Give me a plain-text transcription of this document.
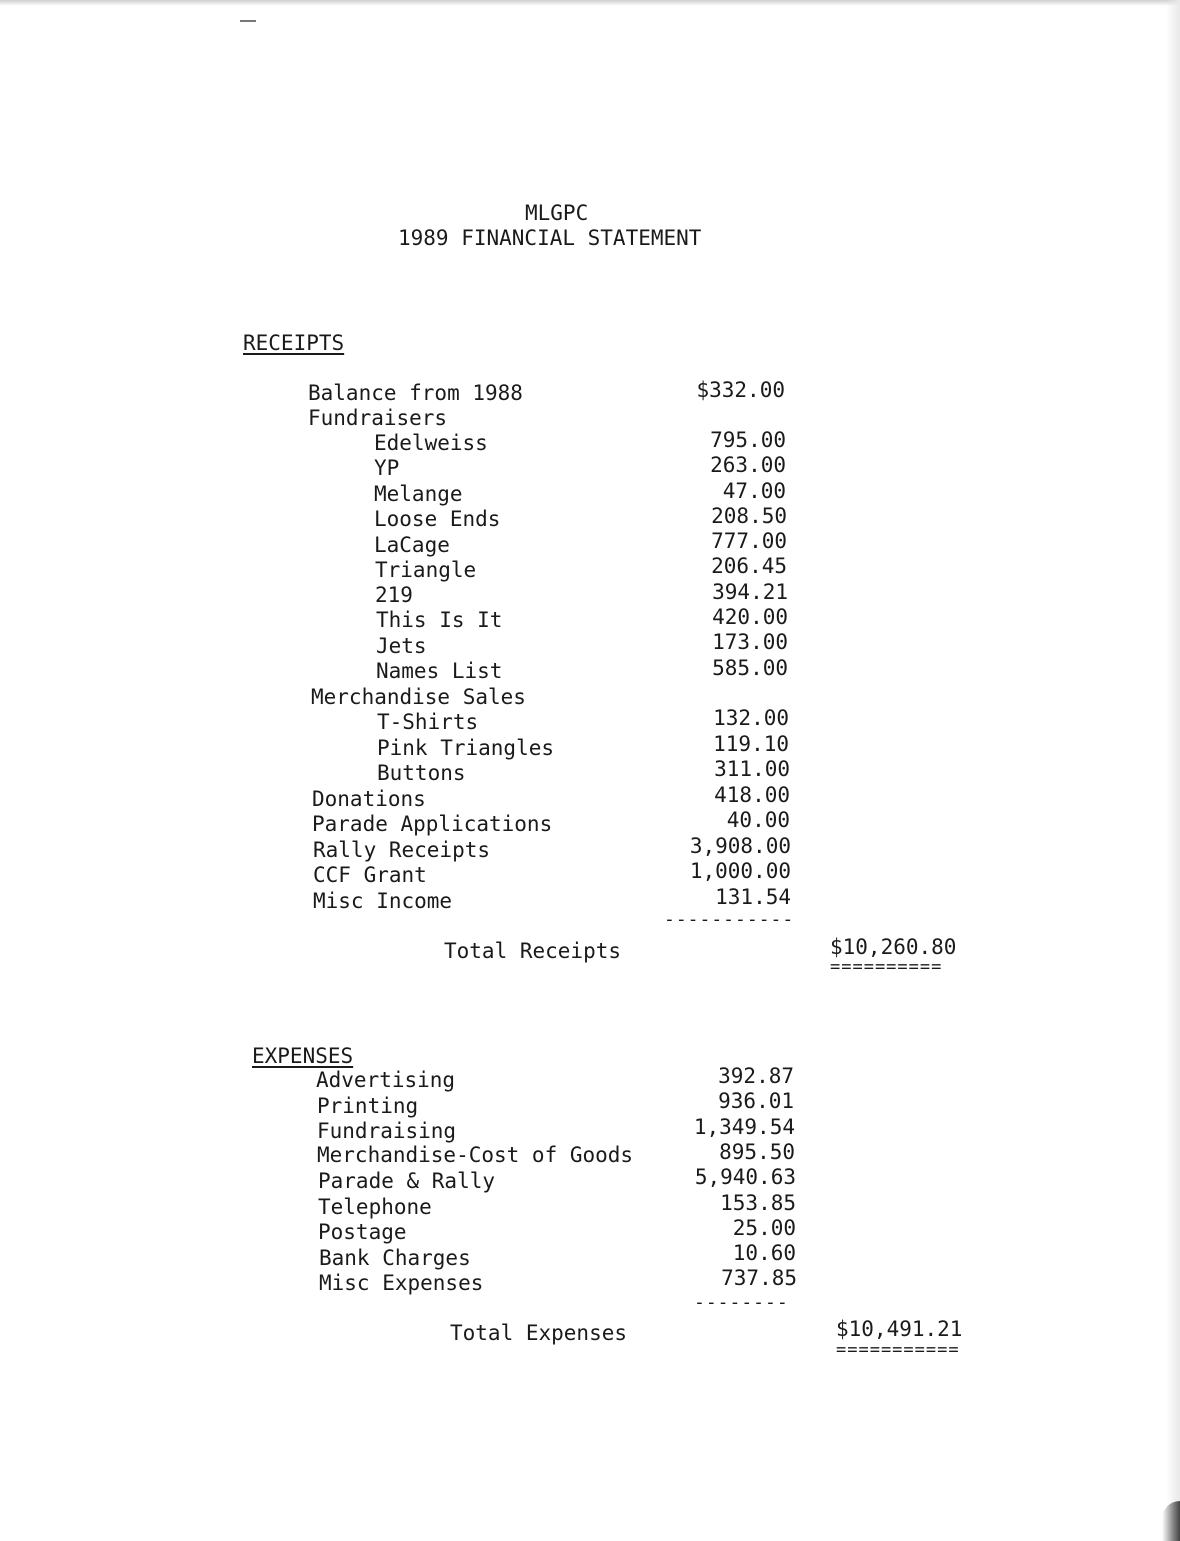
MLGPC
1989 FINANCIAL STATEMENT
RECEIPTS
Balance from 1988	$332.00
Fundraisers
Edelweiss	795.00
YP	263.00
Melange	47.00
Loose Ends	208.50
LaCage	777.00
Triangle	206.45
219	394.21
This Is It	420.00
Jets	173.00
Names List	585.00
Merchandise Sales
T-Shirts	132.00
Pink Triangles	119.10
Buttons	311.00
Donations	418.00
Parade Applications	40.00
Rally Receipts	3,908.00
CCF Grant	1,000.00
Misc Income	131.54
-----------
Total Receipts	$10,260.80
==========
EXPENSES
Advertising	392.87
Printing	936.01
Fundraising	1,349.54
Merchandise-Cost of Goods	895.50
Parade & Rally	5,940.63
Telephone	153.85
Postage	25.00
Bank Charges	10.60
Misc Expenses	737.85
--------
Total Expenses	$10,491.21
===========
